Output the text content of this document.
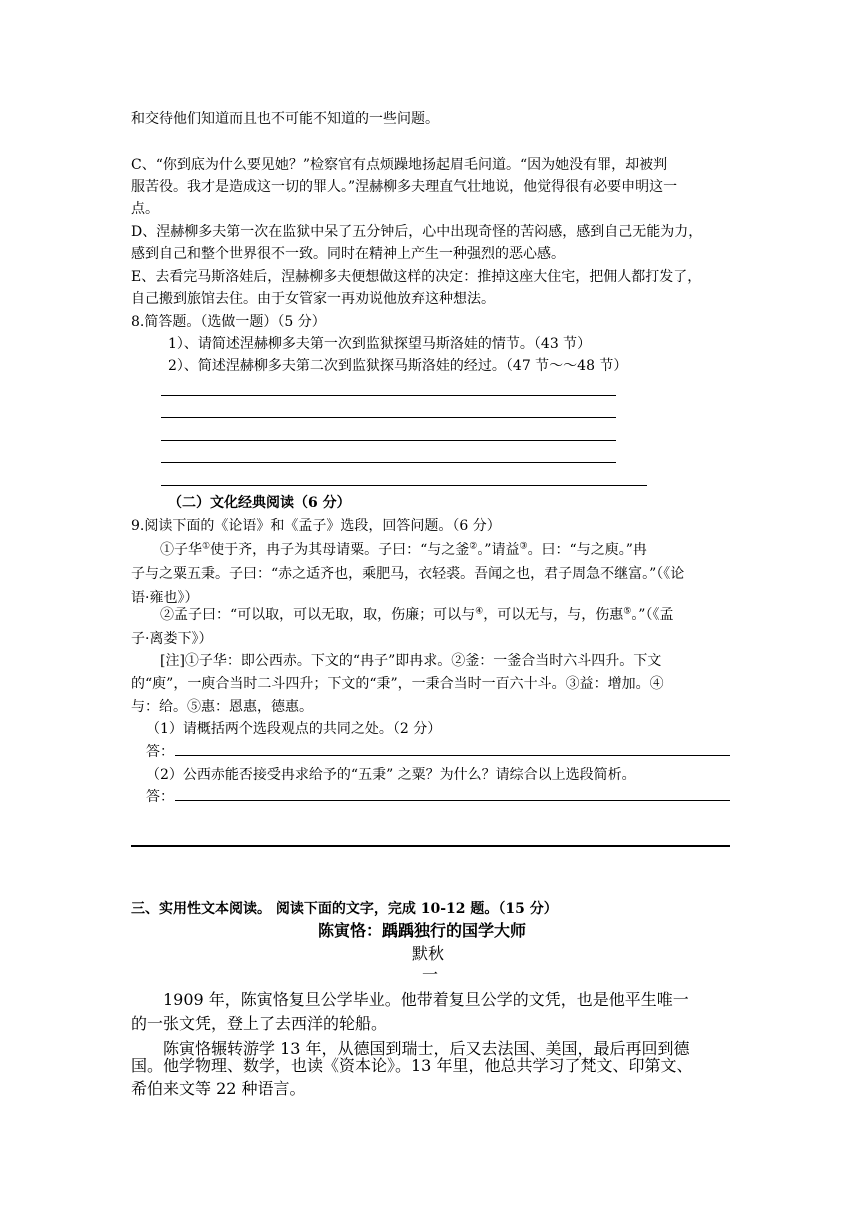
和交待他们知道而且也不可能不知道的一些问题。
C、“你到底为什么要见她？”检察官有点烦躁地扬起眉毛问道。“因为她没有罪，却被判
服苦役。我才是造成这一切的罪人。”涅赫柳多夫理直气壮地说，他觉得很有必要申明这一
点。
D、涅赫柳多夫第一次在监狱中呆了五分钟后，心中出现奇怪的苦闷感，感到自己无能为力，
感到自己和整个世界很不一致。同时在精神上产生一种强烈的恶心感。
E、去看完马斯洛娃后，涅赫柳多夫便想做这样的决定：推掉这座大住宅，把佣人都打发了，
自己搬到旅馆去住。由于女管家一再劝说他放弃这种想法。
8.简答题。（选做一题）（5 分）
1）、请简述涅赫柳多夫第一次到监狱探望马斯洛娃的情节。（43 节）
2）、简述涅赫柳多夫第二次到监狱探马斯洛娃的经过。（47 节～～48 节）
（二）文化经典阅读（6 分）
9.阅读下面的《论语》和《孟子》选段，回答问题。（6 分）
①子华①使于齐，冉子为其母请粟。子曰：“与之釜②。”请益③。曰：“与之庾。”冉
子与之粟五秉。子曰：“赤之适齐也，乘肥马，衣轻裘。吾闻之也，君子周急不继富。”（《论
语·雍也》）
②孟子曰：“可以取，可以无取，取，伤廉；可以与④，可以无与，与，伤惠⑤。”（《孟
子·离娄下》）
[注]①子华：即公西赤。下文的“冉子”即冉求。②釜：一釜合当时六斗四升。下文
的“庾”，一庾合当时二斗四升；下文的“秉”，一秉合当时一百六十斗。③益：增加。④
与：给。⑤惠：恩惠，德惠。
（1）请概括两个选段观点的共同之处。（2 分）
答：
（2）公西赤能否接受冉求给予的“五秉” 之粟？为什么？请综合以上选段简析。
答：
三、实用性文本阅读。 阅读下面的文字，完成 10-12 题。（15 分）
陈寅恪：踽踽独行的国学大师
默秋
一
1909 年，陈寅恪复旦公学毕业。他带着复旦公学的文凭，也是他平生唯一
的一张文凭，登上了去西洋的轮船。
陈寅恪辗转游学 13 年，从德国到瑞士，后又去法国、美国，最后再回到德
国。他学物理、数学，也读《资本论》。13 年里，他总共学习了梵文、印第文、
希伯来文等 22 种语言。
